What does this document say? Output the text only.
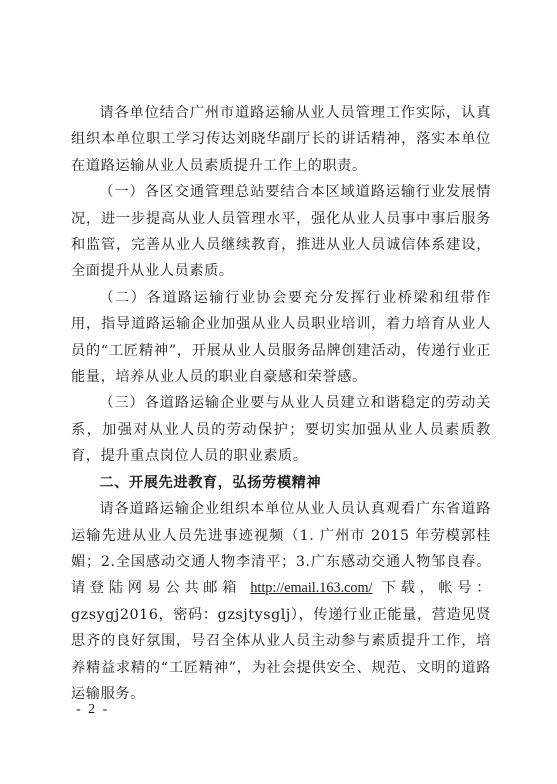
请各单位结合广州市道路运输从业人员管理工作实际，认真组织本单位职工学习传达刘晓华副厅长的讲话精神，落实本单位在道路运输从业人员素质提升工作上的职责。

（一）各区交通管理总站要结合本区域道路运输行业发展情况，进一步提高从业人员管理水平，强化从业人员事中事后服务和监管，完善从业人员继续教育，推进从业人员诚信体系建设，全面提升从业人员素质。

（二）各道路运输行业协会要充分发挥行业桥梁和纽带作用，指导道路运输企业加强从业人员职业培训，着力培育从业人员的“工匠精神”，开展从业人员服务品牌创建活动，传递行业正能量，培养从业人员的职业自豪感和荣誉感。

（三）各道路运输企业要与从业人员建立和谐稳定的劳动关系，加强对从业人员的劳动保护；要切实加强从业人员素质教育，提升重点岗位人员的职业素质。

二、开展先进教育，弘扬劳模精神

请各道路运输企业组织本单位从业人员认真观看广东省道路运输先进从业人员先进事迹视频（1. 广州市 2015 年劳模郭桂媚；2.全国感动交通人物李清平；3.广东感动交通人物邹良春。请登陆网易公共邮箱 http://email.163.com/ 下载，帐号：gzsygj2016，密码：gzsjtysglj），传递行业正能量，营造见贤思齐的良好氛围，号召全体从业人员主动参与素质提升工作，培养精益求精的“工匠精神”，为社会提供安全、规范、文明的道路运输服务。

- 2 -
